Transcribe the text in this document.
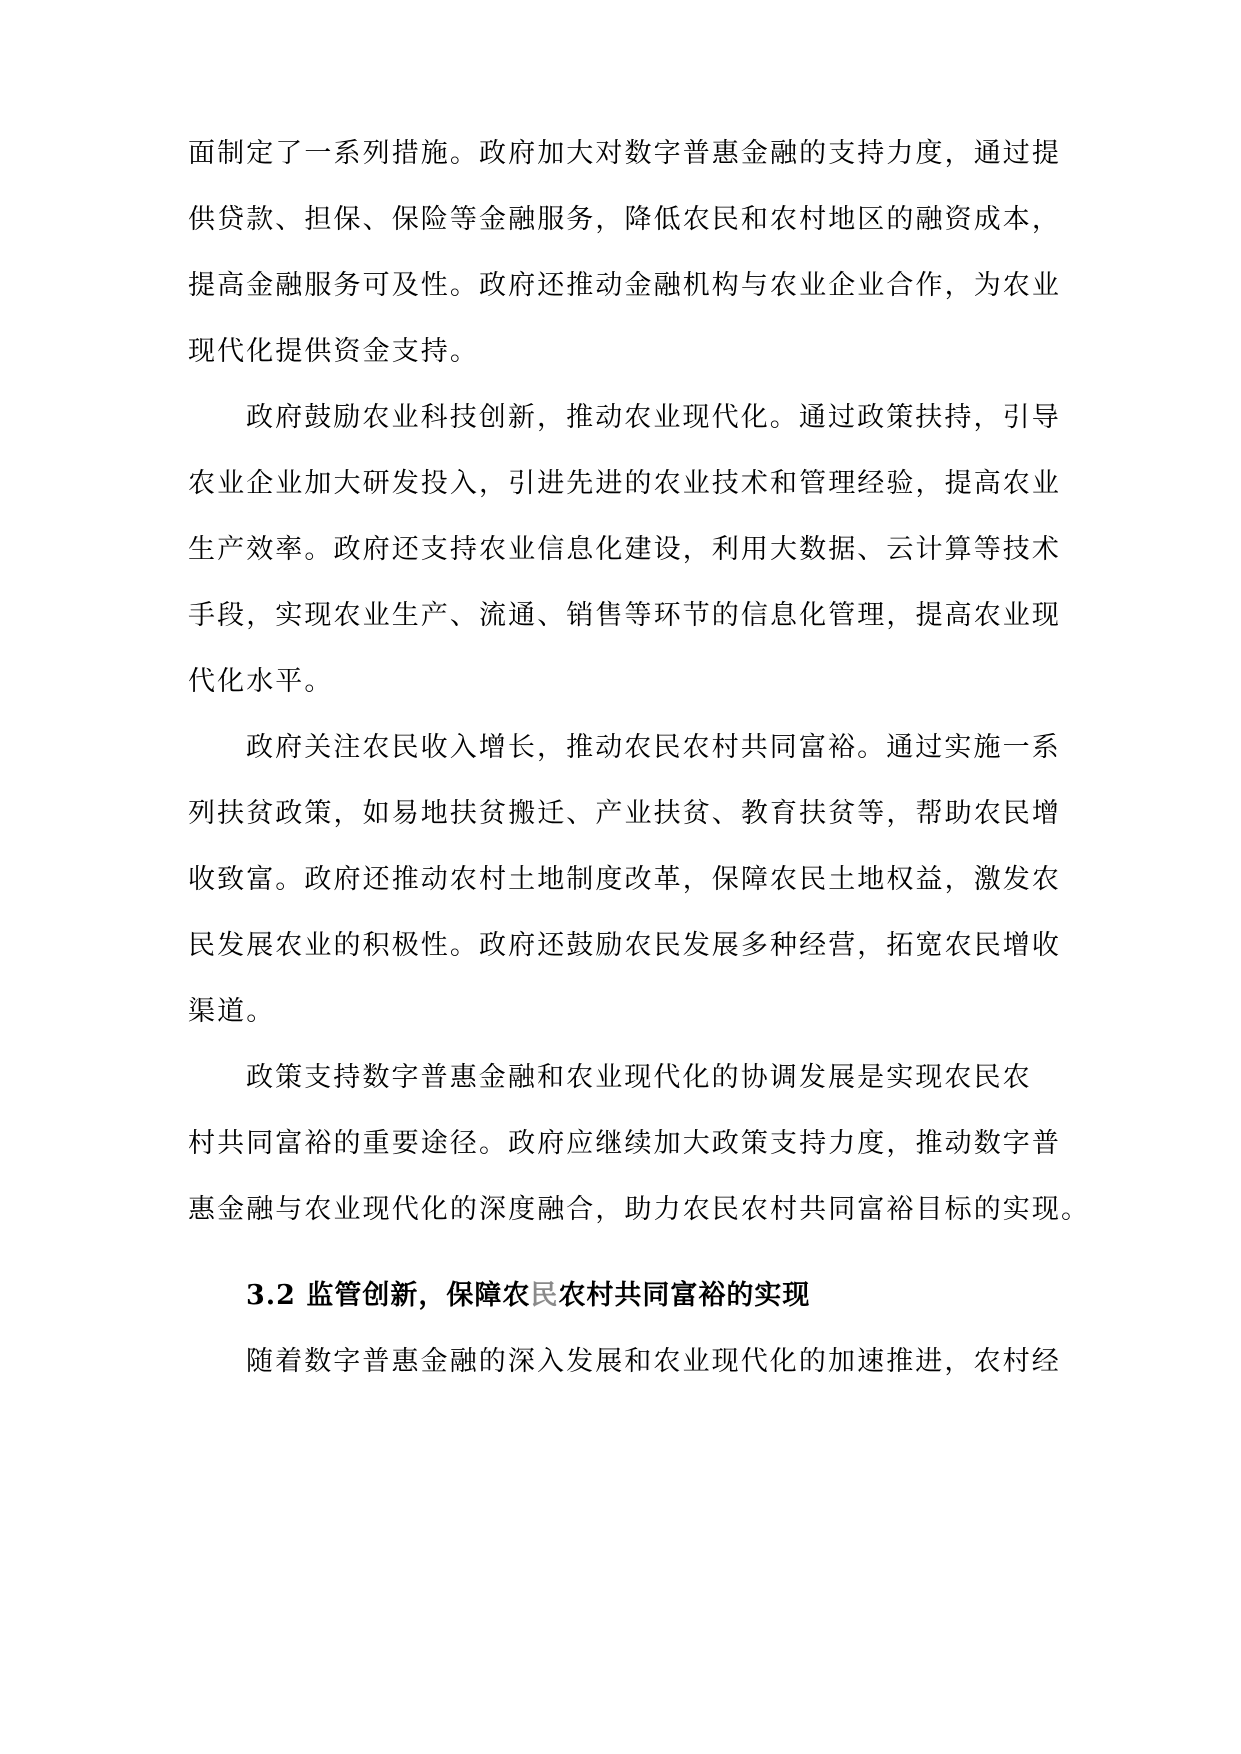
面制定了一系列措施。政府加大对数字普惠金融的支持力度，通过提
供贷款、担保、保险等金融服务，降低农民和农村地区的融资成本，
提高金融服务可及性。政府还推动金融机构与农业企业合作，为农业
现代化提供资金支持。
政府鼓励农业科技创新，推动农业现代化。通过政策扶持，引导
农业企业加大研发投入，引进先进的农业技术和管理经验，提高农业
生产效率。政府还支持农业信息化建设，利用大数据、云计算等技术
手段，实现农业生产、流通、销售等环节的信息化管理，提高农业现
代化水平。
政府关注农民收入增长，推动农民农村共同富裕。通过实施一系
列扶贫政策，如易地扶贫搬迁、产业扶贫、教育扶贫等，帮助农民增
收致富。政府还推动农村土地制度改革，保障农民土地权益，激发农
民发展农业的积极性。政府还鼓励农民发展多种经营，拓宽农民增收
渠道。
政策支持数字普惠金融和农业现代化的协调发展是实现农民农
村共同富裕的重要途径。政府应继续加大政策支持力度，推动数字普
惠金融与农业现代化的深度融合，助力农民农村共同富裕目标的实现。
3.2 监管创新，保障农民农村共同富裕的实现
随着数字普惠金融的深入发展和农业现代化的加速推进，农村经
